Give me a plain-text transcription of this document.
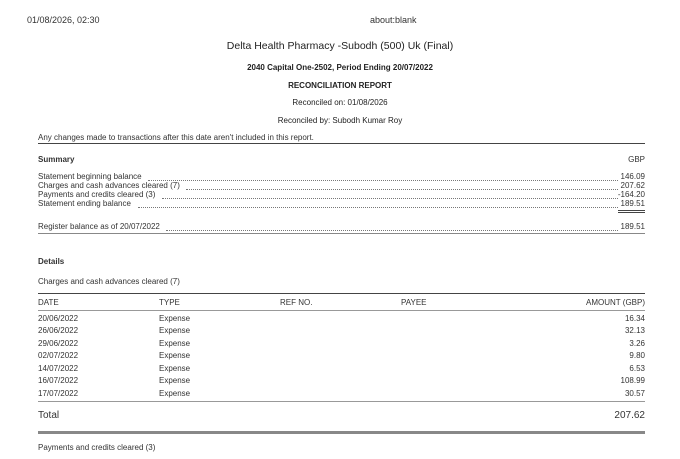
01/08/2026, 02:30	about:blank
Delta Health Pharmacy -Subodh (500) Uk (Final)
2040 Capital One-2502, Period Ending 20/07/2022
RECONCILIATION REPORT
Reconciled on: 01/08/2026
Reconciled by: Subodh Kumar Roy
Any changes made to transactions after this date aren't included in this report.
Summary	GBP
Statement beginning balance	146.09
Charges and cash advances cleared (7)	207.62
Payments and credits cleared (3)	-164.20
Statement ending balance	189.51
Register balance as of 20/07/2022	189.51
Details
Charges and cash advances cleared (7)
DATE	TYPE	REF NO.	PAYEE	AMOUNT (GBP)
20/06/2022	Expense			16.34
26/06/2022	Expense			32.13
29/06/2022	Expense			3.26
02/07/2022	Expense			9.80
14/07/2022	Expense			6.53
16/07/2022	Expense			108.99
17/07/2022	Expense			30.57
Total	207.62
Payments and credits cleared (3)
